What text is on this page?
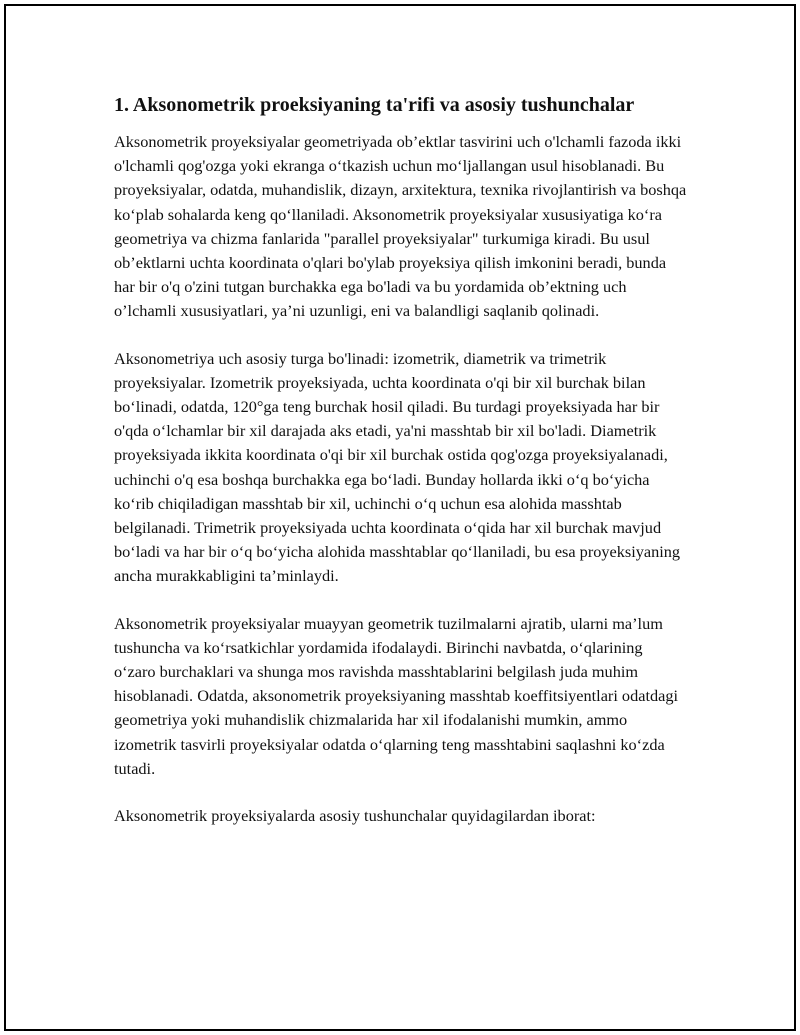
1. Aksonometrik proeksiyaning ta'rifi va asosiy tushunchalar

Aksonometrik proyeksiyalar geometriyada ob’ektlar tasvirini uch o'lchamli fazoda ikki o'lchamli qog'ozga yoki ekranga o‘tkazish uchun mo‘ljallangan usul hisoblanadi. Bu proyeksiyalar, odatda, muhandislik, dizayn, arxitektura, texnika rivojlantirish va boshqa ko‘plab sohalarda keng qo‘llaniladi. Aksonometrik proyeksiyalar xususiyatiga ko‘ra geometriya va chizma fanlarida "parallel proyeksiyalar" turkumiga kiradi. Bu usul ob’ektlarni uchta koordinata o'qlari bo'ylab proyeksiya qilish imkonini beradi, bunda har bir o'q o'zini tutgan burchakka ega bo'ladi va bu yordamida ob’ektning uch o’lchamli xususiyatlari, ya’ni uzunligi, eni va balandligi saqlanib qolinadi.

Aksonometriya uch asosiy turga bo'linadi: izometrik, diametrik va trimetrik proyeksiyalar. Izometrik proyeksiyada, uchta koordinata o'qi bir xil burchak bilan bo‘linadi, odatda, 120°ga teng burchak hosil qiladi. Bu turdagi proyeksiyada har bir o'qda o‘lchamlar bir xil darajada aks etadi, ya'ni masshtab bir xil bo'ladi. Diametrik proyeksiyada ikkita koordinata o'qi bir xil burchak ostida qog'ozga proyeksiyalanadi, uchinchi o'q esa boshqa burchakka ega bo‘ladi. Bunday hollarda ikki o‘q bo‘yicha ko‘rib chiqiladigan masshtab bir xil, uchinchi o‘q uchun esa alohida masshtab belgilanadi. Trimetrik proyeksiyada uchta koordinata o‘qida har xil burchak mavjud bo‘ladi va har bir o‘q bo‘yicha alohida masshtablar qo‘llaniladi, bu esa proyeksiyaning ancha murakkabligini ta’minlaydi.

Aksonometrik proyeksiyalar muayyan geometrik tuzilmalarni ajratib, ularni ma’lum tushuncha va ko‘rsatkichlar yordamida ifodalaydi. Birinchi navbatda, o‘qlarining o‘zaro burchaklari va shunga mos ravishda masshtablarini belgilash juda muhim hisoblanadi. Odatda, aksonometrik proyeksiyaning masshtab koeffitsiyentlari odatdagi geometriya yoki muhandislik chizmalarida har xil ifodalanishi mumkin, ammo izometrik tasvirli proyeksiyalar odatda o‘qlarning teng masshtabini saqlashni ko‘zda tutadi.

Aksonometrik proyeksiyalarda asosiy tushunchalar quyidagilardan iborat:
